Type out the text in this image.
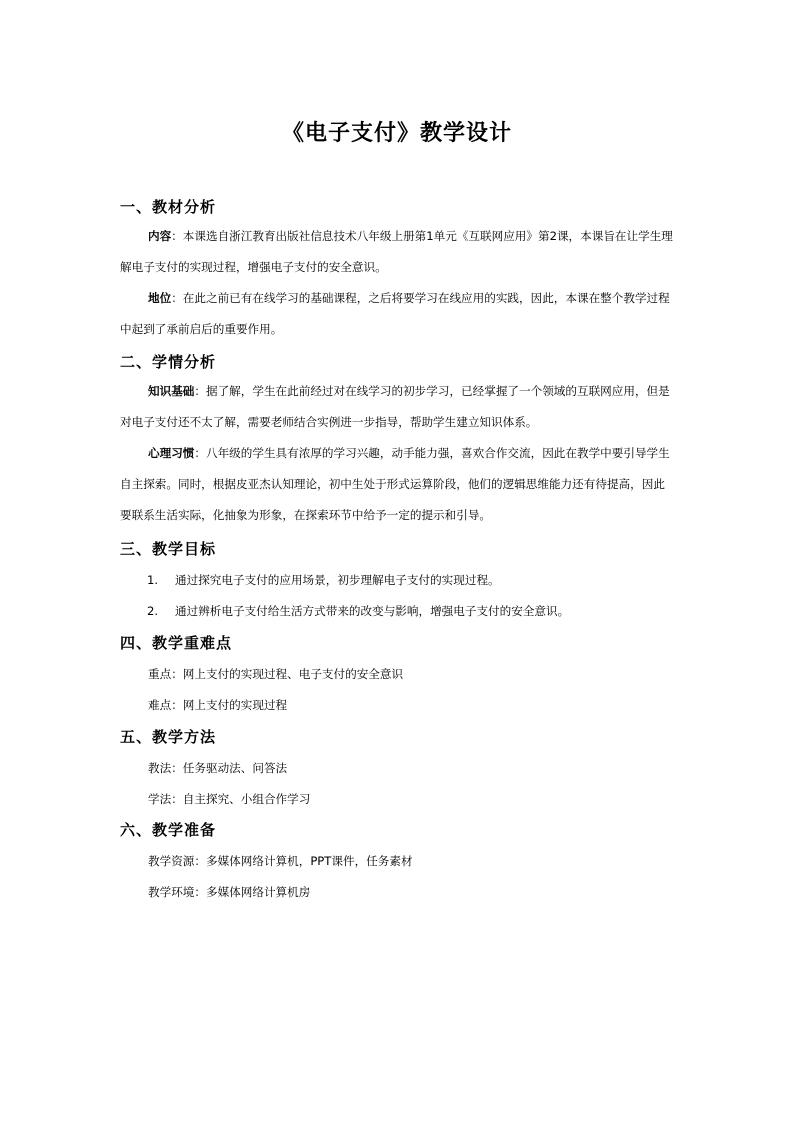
《电子支付》教学设计
一、教材分析
内容：本课选自浙江教育出版社信息技术八年级上册第1单元《互联网应用》第2课，本课旨在让学生理解电子支付的实现过程，增强电子支付的安全意识。
地位：在此之前已有在线学习的基础课程，之后将要学习在线应用的实践，因此，本课在整个教学过程中起到了承前启后的重要作用。
二、学情分析
知识基础：据了解，学生在此前经过对在线学习的初步学习，已经掌握了一个领域的互联网应用，但是对电子支付还不太了解，需要老师结合实例进一步指导，帮助学生建立知识体系。
心理习惯：八年级的学生具有浓厚的学习兴趣，动手能力强，喜欢合作交流，因此在教学中要引导学生自主探索。同时，根据皮亚杰认知理论，初中生处于形式运算阶段，他们的逻辑思维能力还有待提高，因此要联系生活实际，化抽象为形象，在探索环节中给予一定的提示和引导。
三、教学目标
1. 通过探究电子支付的应用场景，初步理解电子支付的实现过程。
2. 通过辨析电子支付给生活方式带来的改变与影响，增强电子支付的安全意识。
四、教学重难点
重点：网上支付的实现过程、电子支付的安全意识
难点：网上支付的实现过程
五、教学方法
教法：任务驱动法、问答法
学法：自主探究、小组合作学习
六、教学准备
教学资源：多媒体网络计算机，PPT课件，任务素材
教学环境：多媒体网络计算机房
